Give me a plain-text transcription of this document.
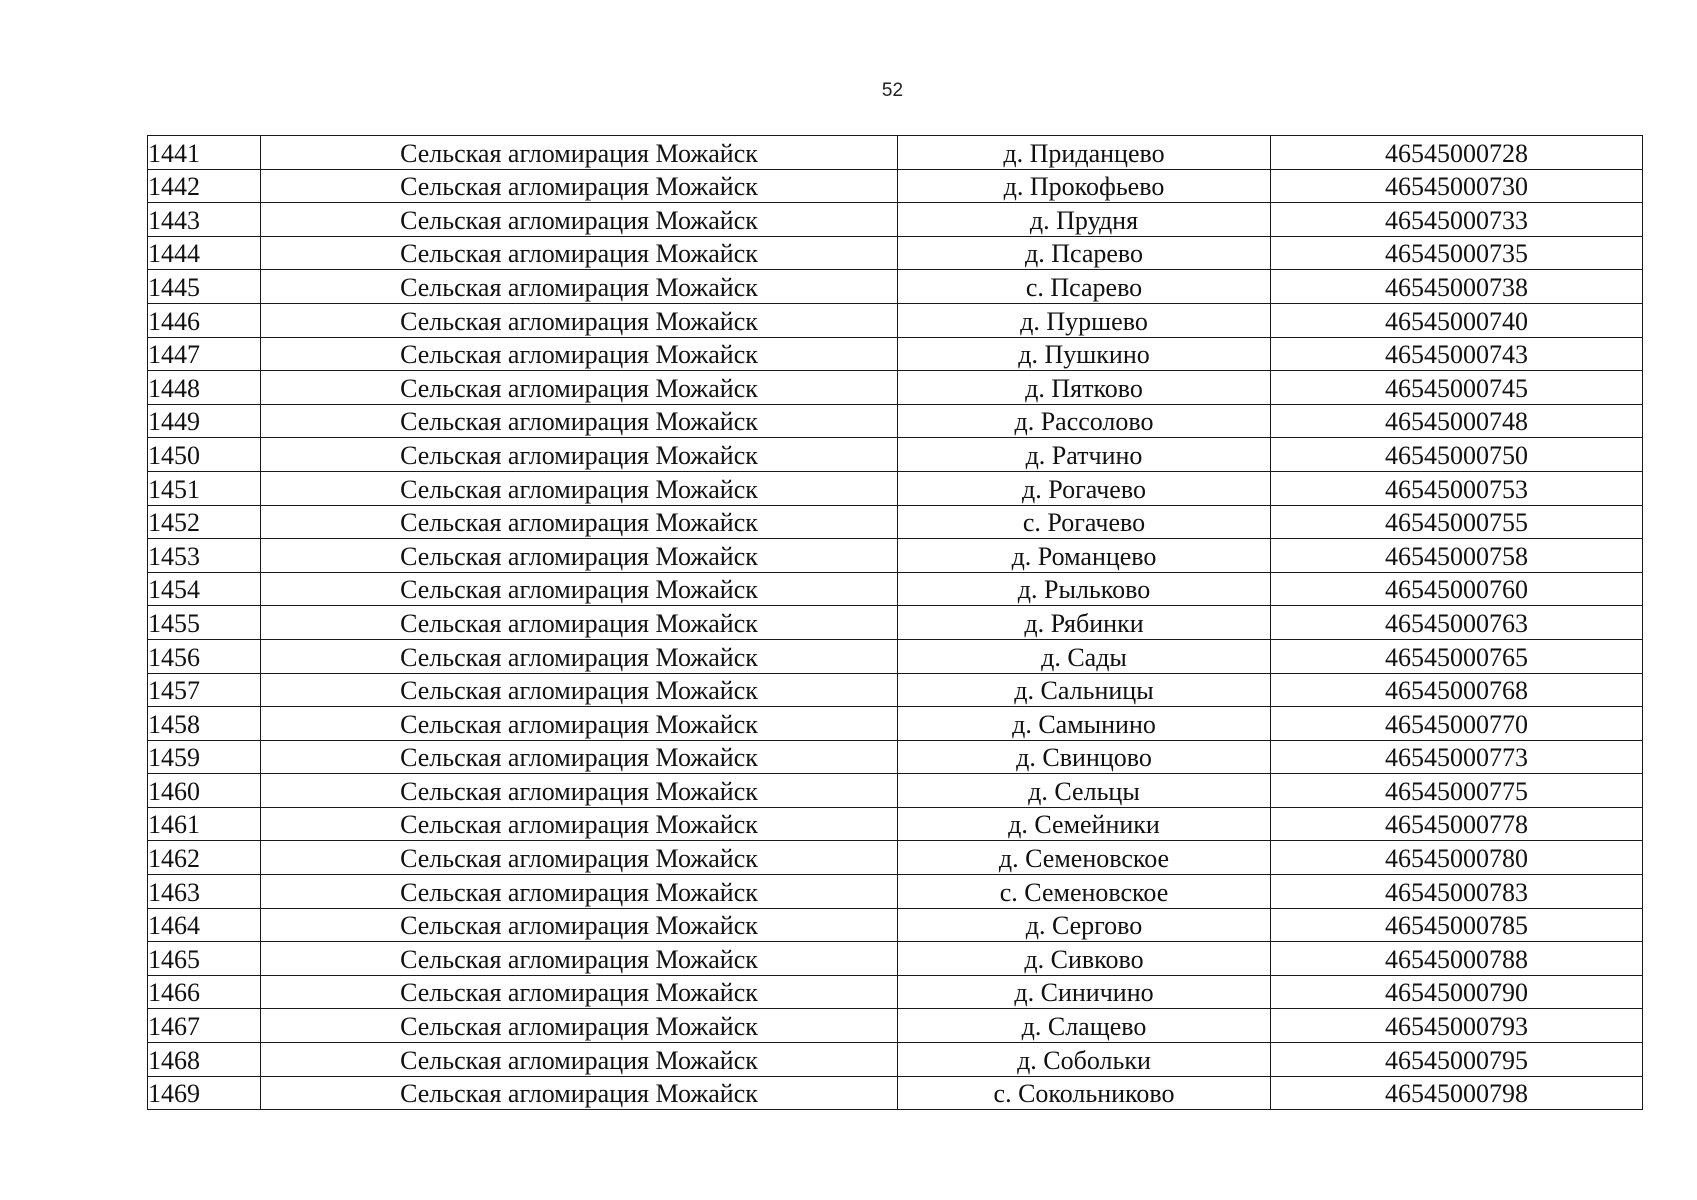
52
1441	Сельская агломирация Можайск	д. Приданцево	46545000728
1442	Сельская агломирация Можайск	д. Прокофьево	46545000730
1443	Сельская агломирация Можайск	д. Прудня	46545000733
1444	Сельская агломирация Можайск	д. Псарево	46545000735
1445	Сельская агломирация Можайск	с. Псарево	46545000738
1446	Сельская агломирация Можайск	д. Пуршево	46545000740
1447	Сельская агломирация Можайск	д. Пушкино	46545000743
1448	Сельская агломирация Можайск	д. Пятково	46545000745
1449	Сельская агломирация Можайск	д. Рассолово	46545000748
1450	Сельская агломирация Можайск	д. Ратчино	46545000750
1451	Сельская агломирация Можайск	д. Рогачево	46545000753
1452	Сельская агломирация Можайск	с. Рогачево	46545000755
1453	Сельская агломирация Можайск	д. Романцево	46545000758
1454	Сельская агломирация Можайск	д. Рыльково	46545000760
1455	Сельская агломирация Можайск	д. Рябинки	46545000763
1456	Сельская агломирация Можайск	д. Сады	46545000765
1457	Сельская агломирация Можайск	д. Сальницы	46545000768
1458	Сельская агломирация Можайск	д. Самынино	46545000770
1459	Сельская агломирация Можайск	д. Свинцово	46545000773
1460	Сельская агломирация Можайск	д. Сельцы	46545000775
1461	Сельская агломирация Можайск	д. Семейники	46545000778
1462	Сельская агломирация Можайск	д. Семеновское	46545000780
1463	Сельская агломирация Можайск	с. Семеновское	46545000783
1464	Сельская агломирация Можайск	д. Сергово	46545000785
1465	Сельская агломирация Можайск	д. Сивково	46545000788
1466	Сельская агломирация Можайск	д. Синичино	46545000790
1467	Сельская агломирация Можайск	д. Слащево	46545000793
1468	Сельская агломирация Можайск	д. Собольки	46545000795
1469	Сельская агломирация Можайск	с. Сокольниково	46545000798
